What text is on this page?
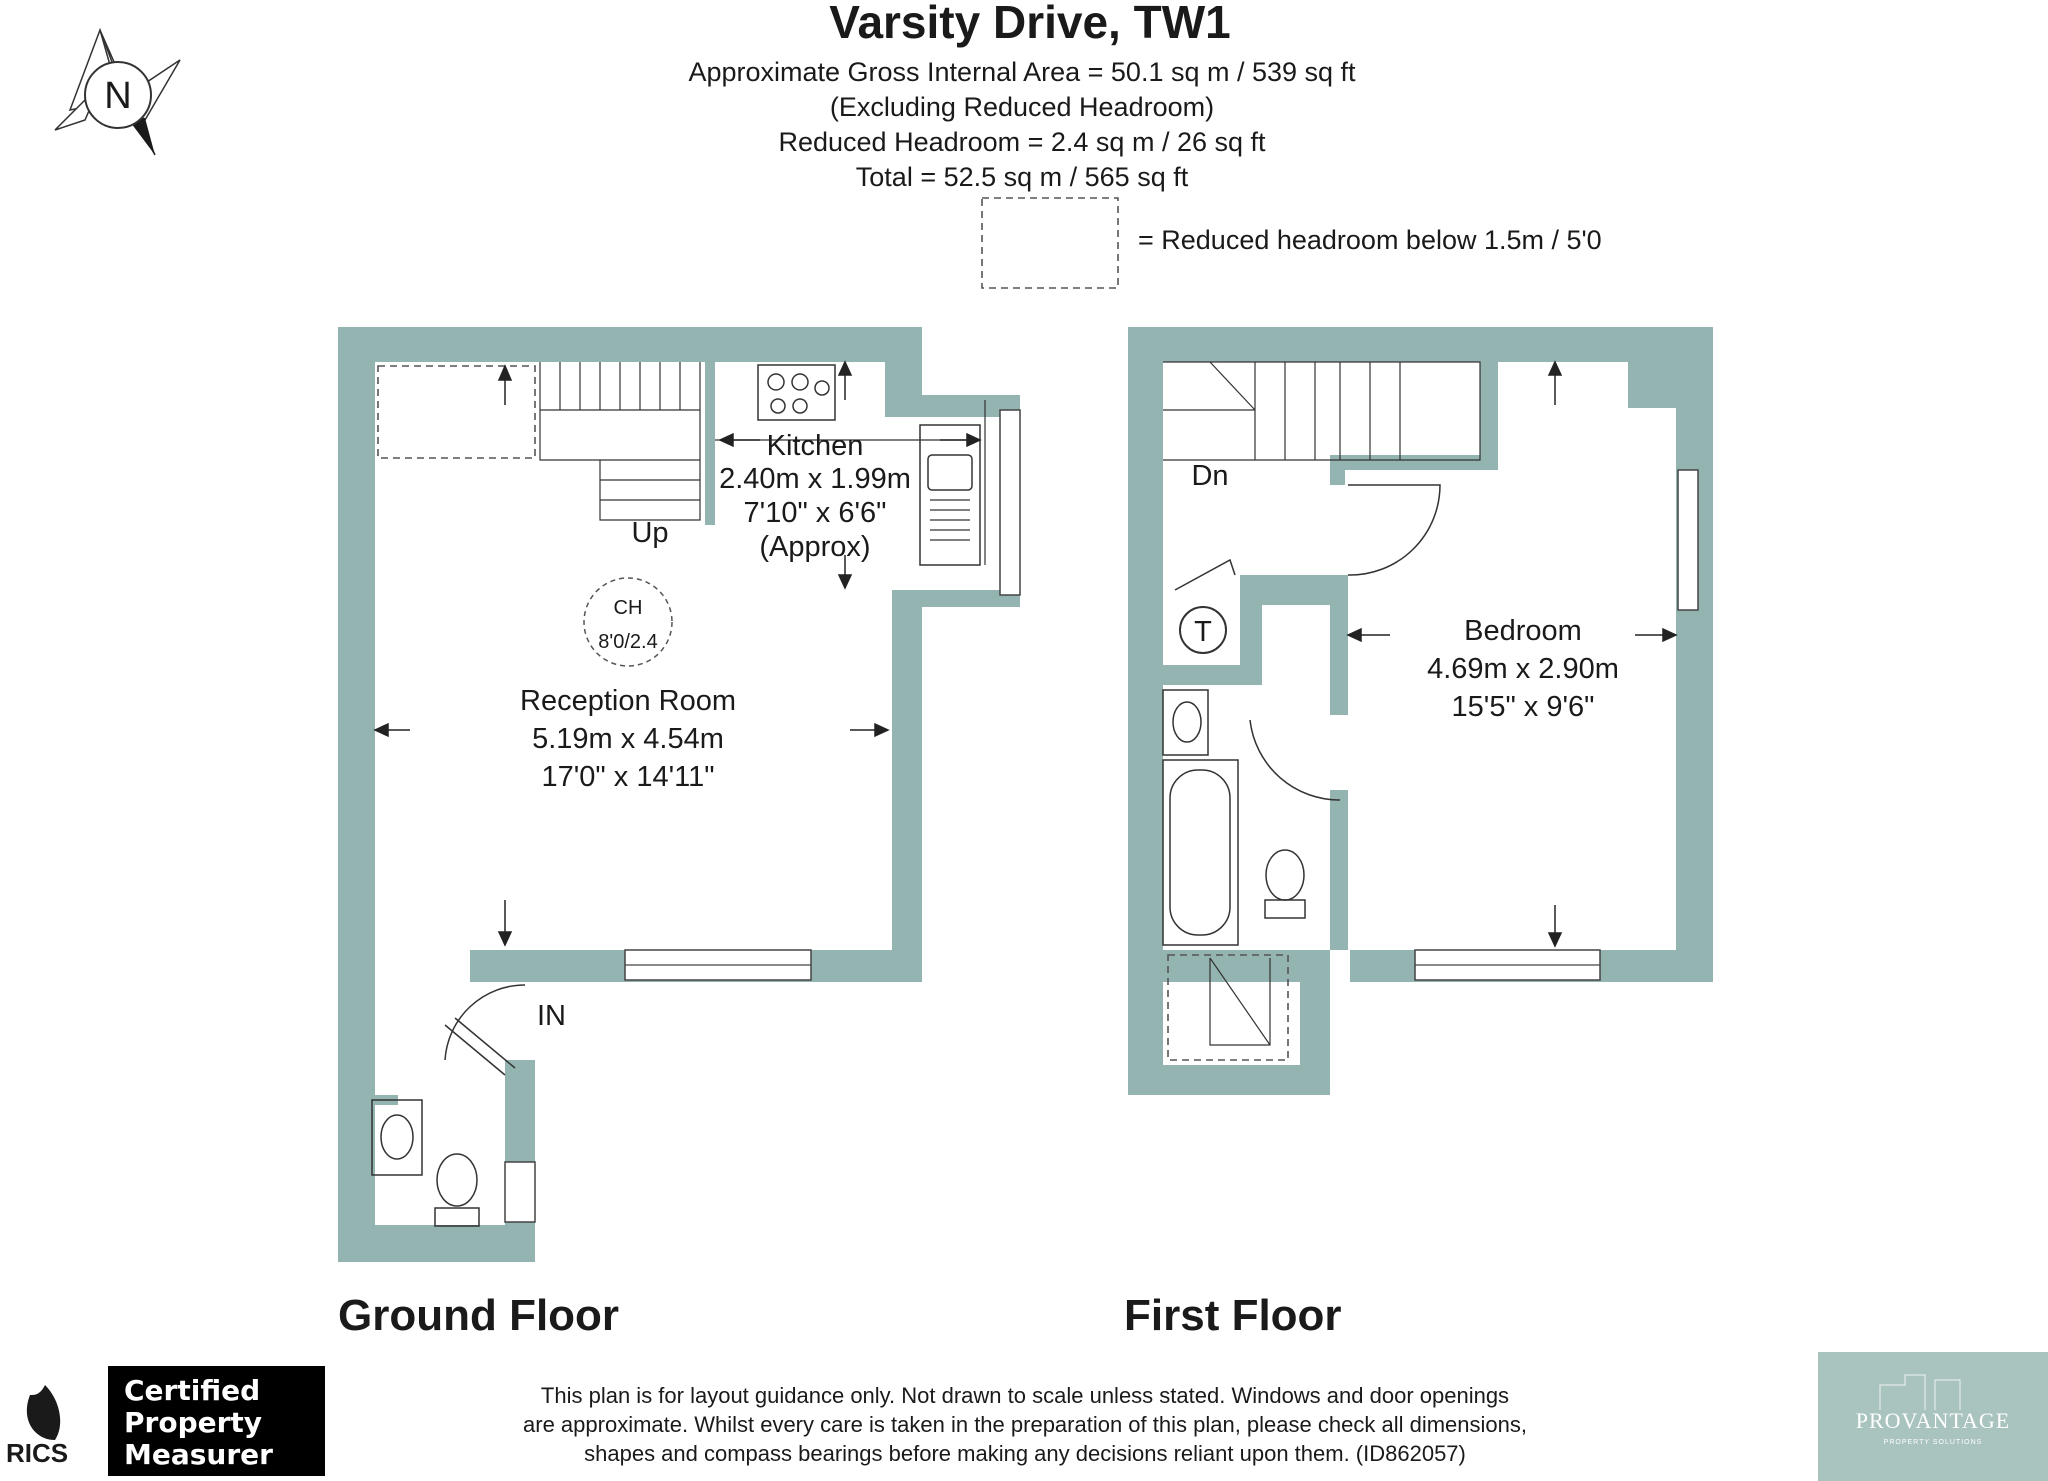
Varsity Drive, TW1
Approximate Gross Internal Area = 50.1 sq m / 539 sq ft
(Excluding Reduced Headroom)
Reduced Headroom = 2.4 sq m / 26 sq ft
Total = 52.5 sq m / 565 sq ft
= Reduced headroom below 1.5m / 5'0
N
Up
Kitchen
2.40m x 1.99m
7'10" x 6'6"
(Approx)
CH
8'0/2.4
Reception Room
5.19m x 4.54m
17'0" x 14'11"
IN
Dn
T	Bedroom
4.69m x 2.90m
15'5" x 9'6"
Ground Floor	First Floor
This plan is for layout guidance only. Not drawn to scale unless stated. Windows and door openings
are approximate. Whilst every care is taken in the preparation of this plan, please check all dimensions,
shapes and compass bearings before making any decisions reliant upon them. (ID862057)
RICS
Certified
Property
Measurer
PROVANTAGE
PROPERTY SOLUTIONS
